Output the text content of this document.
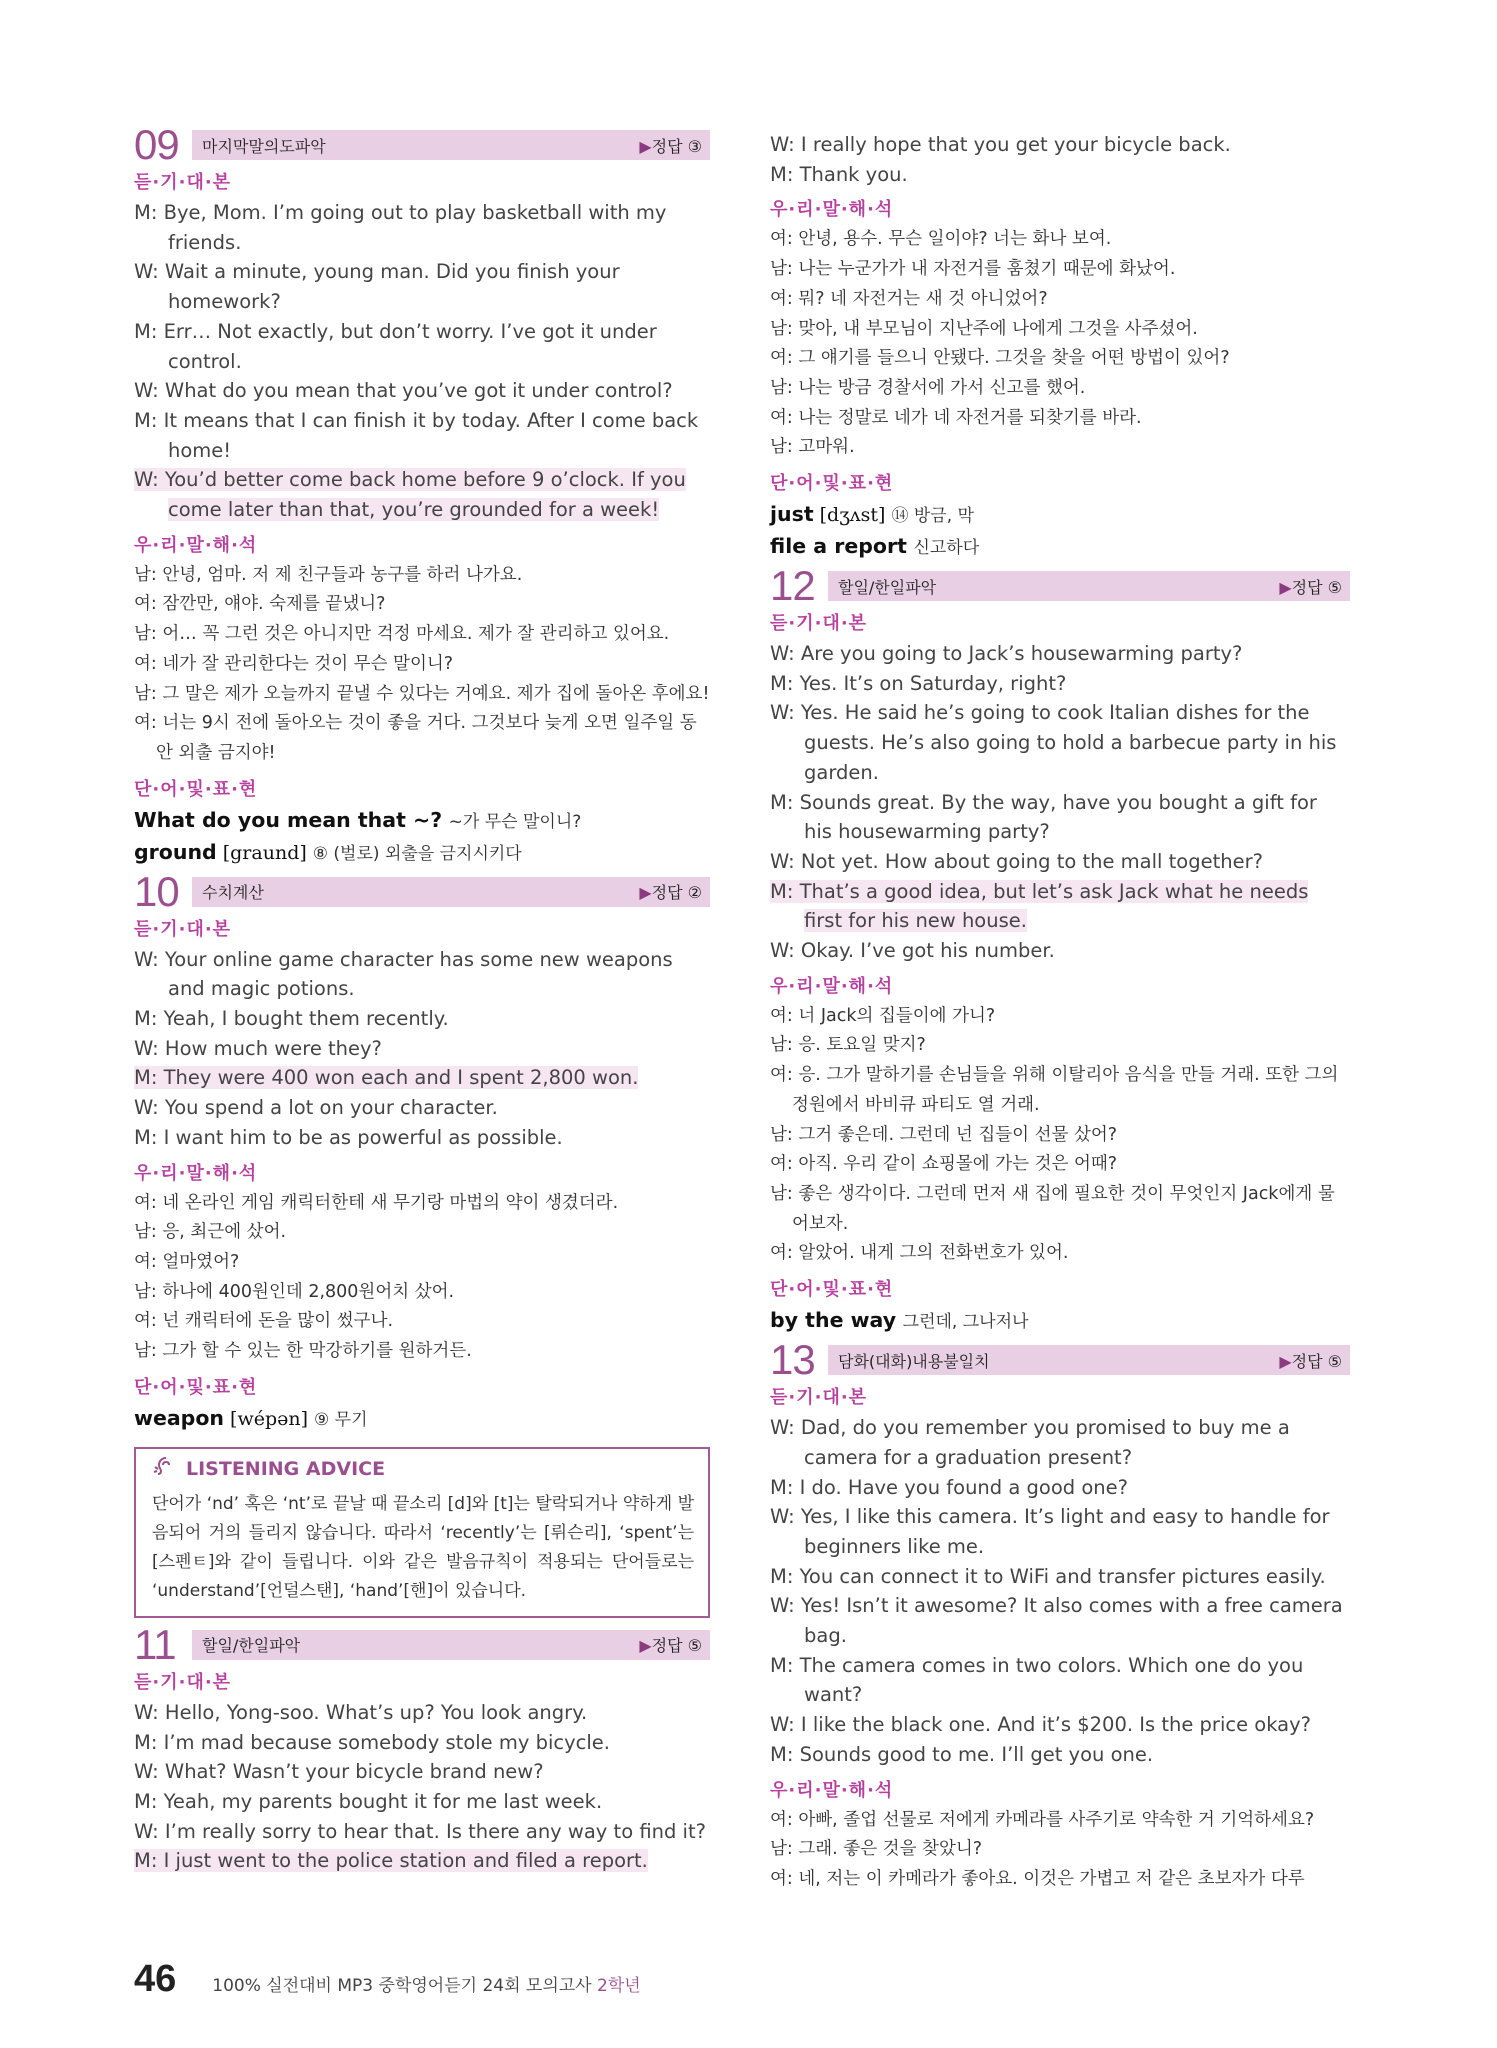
09	마지막말의도파악	▶정답 ③
듣·기·대·본
M: Bye, Mom. I’m going out to play basketball with my friends.
W: Wait a minute, young man. Did you finish your homework?
M: Err… Not exactly, but don’t worry. I’ve got it under control.
W: What do you mean that you’ve got it under control?
M: It means that I can finish it by today. After I come back home!
W: You’d better come back home before 9 o’clock. If you come later than that, you’re grounded for a week!
우·리·말·해·석
남: 안녕, 엄마. 저 제 친구들과 농구를 하러 나가요.
여: 잠깐만, 얘야. 숙제를 끝냈니?
남: 어… 꼭 그런 것은 아니지만 걱정 마세요. 제가 잘 관리하고 있어요.
여: 네가 잘 관리한다는 것이 무슨 말이니?
남: 그 말은 제가 오늘까지 끝낼 수 있다는 거예요. 제가 집에 돌아온 후에요!
여: 너는 9시 전에 돌아오는 것이 좋을 거다. 그것보다 늦게 오면 일주일 동안 외출 금지야!
단·어·및·표·현
What do you mean that ~? ~가 무슨 말이니?
ground [graund] ⑧ (벌로) 외출을 금지시키다
10	수치계산	▶정답 ②
듣·기·대·본
W: Your online game character has some new weapons and magic potions.
M: Yeah, I bought them recently.
W: How much were they?
M: They were 400 won each and I spent 2,800 won.
W: You spend a lot on your character.
M: I want him to be as powerful as possible.
우·리·말·해·석
여: 네 온라인 게임 캐릭터한테 새 무기랑 마법의 약이 생겼더라.
남: 응, 최근에 샀어.
여: 얼마였어?
남: 하나에 400원인데 2,800원어치 샀어.
여: 넌 캐릭터에 돈을 많이 썼구나.
남: 그가 할 수 있는 한 막강하기를 원하거든.
단·어·및·표·현
weapon [wépən] ⑨ 무기
LISTENING ADVICE
단어가 ‘nd’ 혹은 ‘nt’로 끝날 때 끝소리 [d]와 [t]는 탈락되거나 약하게 발음되어 거의 들리지 않습니다. 따라서 ‘recently’는 [뤼슨리], ‘spent’는 [스펜ㅌ]와 같이 들립니다. 이와 같은 발음규칙이 적용되는 단어들로는 ‘understand’[언덜스탠], ‘hand’[핸]이 있습니다.
11	할일/한일파악	▶정답 ⑤
듣·기·대·본
W: Hello, Yong-soo. What’s up? You look angry.
M: I’m mad because somebody stole my bicycle.
W: What? Wasn’t your bicycle brand new?
M: Yeah, my parents bought it for me last week.
W: I’m really sorry to hear that. Is there any way to find it?
M: I just went to the police station and filed a report.
W: I really hope that you get your bicycle back.
M: Thank you.
우·리·말·해·석
여: 안녕, 용수. 무슨 일이야? 너는 화나 보여.
남: 나는 누군가가 내 자전거를 훔쳤기 때문에 화났어.
여: 뭐? 네 자전거는 새 것 아니었어?
남: 맞아, 내 부모님이 지난주에 나에게 그것을 사주셨어.
여: 그 얘기를 들으니 안됐다. 그것을 찾을 어떤 방법이 있어?
남: 나는 방금 경찰서에 가서 신고를 했어.
여: 나는 정말로 네가 네 자전거를 되찾기를 바라.
남: 고마워.
단·어·및·표·현
just [dʒʌst] ⑭ 방금, 막
file a report 신고하다
12	할일/한일파악	▶정답 ⑤
듣·기·대·본
W: Are you going to Jack’s housewarming party?
M: Yes. It’s on Saturday, right?
W: Yes. He said he’s going to cook Italian dishes for the guests. He’s also going to hold a barbecue party in his garden.
M: Sounds great. By the way, have you bought a gift for his housewarming party?
W: Not yet. How about going to the mall together?
M: That’s a good idea, but let’s ask Jack what he needs first for his new house.
W: Okay. I’ve got his number.
우·리·말·해·석
여: 너 Jack의 집들이에 가니?
남: 응. 토요일 맞지?
여: 응. 그가 말하기를 손님들을 위해 이탈리아 음식을 만들 거래. 또한 그의 정원에서 바비큐 파티도 열 거래.
남: 그거 좋은데. 그런데 넌 집들이 선물 샀어?
여: 아직. 우리 같이 쇼핑몰에 가는 것은 어때?
남: 좋은 생각이다. 그런데 먼저 새 집에 필요한 것이 무엇인지 Jack에게 물어보자.
여: 알았어. 내게 그의 전화번호가 있어.
단·어·및·표·현
by the way 그런데, 그나저나
13	담화(대화)내용불일치	▶정답 ⑤
듣·기·대·본
W: Dad, do you remember you promised to buy me a camera for a graduation present?
M: I do. Have you found a good one?
W: Yes, I like this camera. It’s light and easy to handle for beginners like me.
M: You can connect it to WiFi and transfer pictures easily.
W: Yes! Isn’t it awesome? It also comes with a free camera bag.
M: The camera comes in two colors. Which one do you want?
W: I like the black one. And it’s $200. Is the price okay?
M: Sounds good to me. I’ll get you one.
우·리·말·해·석
여: 아빠, 졸업 선물로 저에게 카메라를 사주기로 약속한 거 기억하세요?
남: 그래. 좋은 것을 찾았니?
여: 네, 저는 이 카메라가 좋아요. 이것은 가볍고 저 같은 초보자가 다루
46 100% 실전대비 MP3 중학영어듣기 24회 모의고사 2학년
